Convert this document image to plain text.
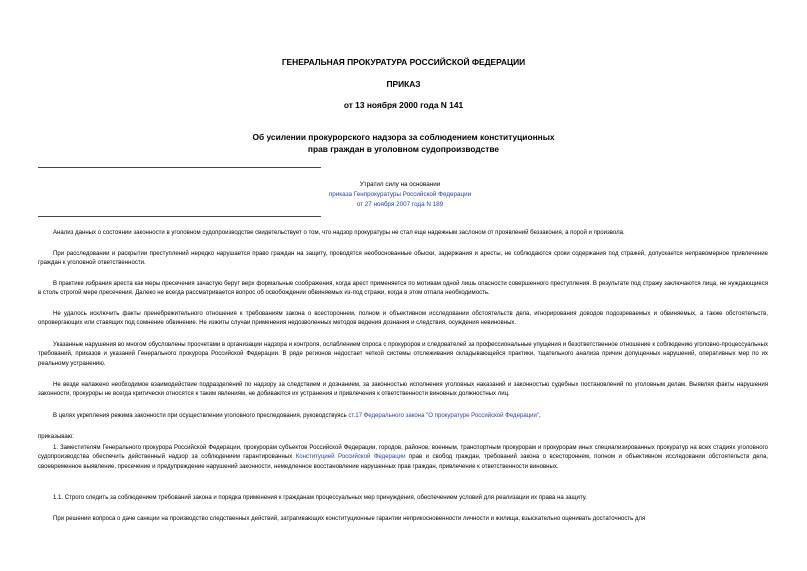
ГЕНЕРАЛЬНАЯ ПРОКУРАТУРА РОССИЙСКОЙ ФЕДЕРАЦИИ
ПРИКАЗ
от 13 ноября 2000 года N 141
Об усилении прокурорского надзора за соблюдением конституционных
прав граждан в уголовном судопроизводстве
Утратил силу на основании
приказа Генпрокуратуры Российской Федерации
от 27 ноября 2007 года N 189
Анализ данных о состоянии законности в уголовном судопроизводстве свидетельствует о том, что надзор прокуратуры не стал еще надежным заслоном от проявлений беззакония, а порой и произвола.
При расследовании и раскрытии преступлений нередко нарушается право граждан на защиту, проводятся необоснованные обыски, задержания и аресты, не соблюдаются сроки содержания под стражей, допускается неправомерное привлечение граждан к уголовной ответственности.
В практике избрания ареста как меры пресечения зачастую берут верх формальные соображения, когда арест применяется по мотивам одной лишь опасности совершенного преступления. В результате под стражу заключаются лица, не нуждающиеся в столь строгой мере пресечения. Далеко не всегда рассматривается вопрос об освобождении обвиняемых из-под стражи, когда в этом отпала необходимость.
Не удалось исключить факты пренебрежительного отношения к требованиям закона о всестороннем, полном и объективном исследовании обстоятельств дела, игнорирования доводов подозреваемых и обвиняемых, а также обстоятельств, опровергающих или ставящих под сомнение обвинение. Не изжиты случаи применения недозволенных методов ведения дознания и следствия, осуждения невиновных.
Указанные нарушения во многом обусловлены просчетами в организации надзора и контроля, ослаблением спроса с прокуроров и следователей за профессиональные упущения и безответственное отношение к соблюдению уголовно-процессуальных требований, приказов и указаний Генерального прокурора Российской Федерации. В ряде регионов недостает четкой системы отслеживания складывающейся практики, тщательного анализа причин допущенных нарушений, оперативных мер по их реальному устранению.
Не везде налажено необходимое взаимодействие подразделений по надзору за следствием и дознанием, за законностью исполнения уголовных наказаний и законностью судебных постановлений по уголовным делам. Выявляя факты нарушения законности, прокуроры не всегда критически относятся к таким явлениям, не добиваются их устранения и привлечения к ответственности виновных должностных лиц.
В целях укрепления режима законности при осуществлении уголовного преследования, руководствуясь ст.17 Федерального закона "О прокуратуре Российской Федерации",
приказываю:
1. Заместителям Генерального прокурора Российской Федерации, прокурорам субъектов Российской Федерации, городов, районов, военным, транспортным прокурорам и прокурорам иных специализированных прокуратур на всех стадиях уголовного судопроизводства обеспечить действенный надзор за соблюдением гарантированных Конституцией Российской Федерации прав и свобод граждан, требований закона о всестороннем, полном и объективном исследовании обстоятельств дела, своевременное выявление, пресечение и предупреждение нарушений законности, немедленное восстановление нарушенных прав граждан, привлечение к ответственности виновных.
1.1. Строго следить за соблюдением требований закона и порядка применения к гражданам процессуальных мер принуждения, обеспечением условий для реализации их права на защиту.
При решении вопроса о даче санкции на производство следственных действий, затрагивающих конституционные гарантии неприкосновенности личности и жилища, взыскательно оценивать достаточность для
